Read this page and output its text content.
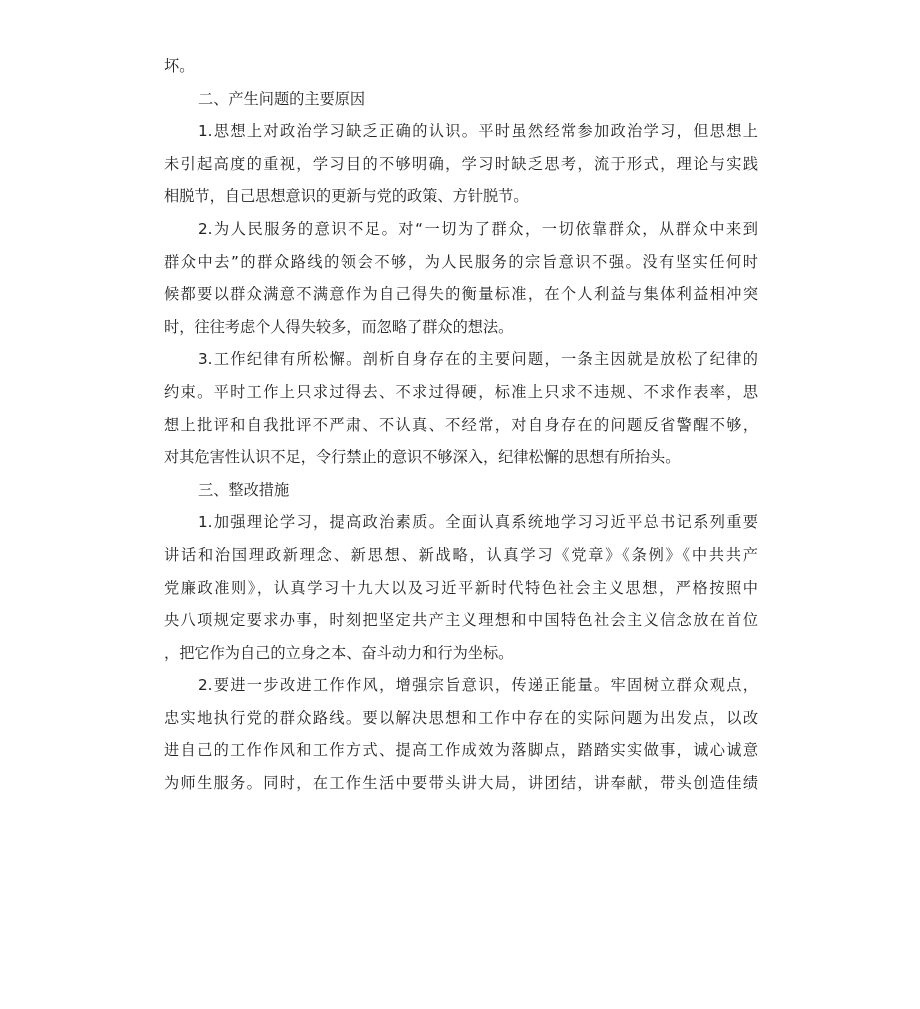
坏。
二、产生问题的主要原因
1.思想上对政治学习缺乏正确的认识。平时虽然经常参加政治学习，但思想上
未引起高度的重视，学习目的不够明确，学习时缺乏思考，流于形式，理论与实践
相脱节，自己思想意识的更新与党的政策、方针脱节。
2.为人民服务的意识不足。对“一切为了群众，一切依靠群众，从群众中来到
群众中去”的群众路线的领会不够，为人民服务的宗旨意识不强。没有坚实任何时
候都要以群众满意不满意作为自己得失的衡量标准，在个人利益与集体利益相冲突
时，往往考虑个人得失较多，而忽略了群众的想法。
3.工作纪律有所松懈。剖析自身存在的主要问题，一条主因就是放松了纪律的
约束。平时工作上只求过得去、不求过得硬，标准上只求不违规、不求作表率，思
想上批评和自我批评不严肃、不认真、不经常，对自身存在的问题反省警醒不够，
对其危害性认识不足，令行禁止的意识不够深入，纪律松懈的思想有所抬头。
三、整改措施
1.加强理论学习，提高政治素质。全面认真系统地学习习近平总书记系列重要
讲话和治国理政新理念、新思想、新战略，认真学习《党章》《条例》《中共共产
党廉政准则》，认真学习十九大以及习近平新时代特色社会主义思想，严格按照中
央八项规定要求办事，时刻把坚定共产主义理想和中国特色社会主义信念放在首位
，把它作为自己的立身之本、奋斗动力和行为坐标。
2.要进一步改进工作作风，增强宗旨意识，传递正能量。牢固树立群众观点，
忠实地执行党的群众路线。要以解决思想和工作中存在的实际问题为出发点，以改
进自己的工作作风和工作方式、提高工作成效为落脚点，踏踏实实做事，诚心诚意
为师生服务。同时，在工作生活中要带头讲大局，讲团结，讲奉献，带头创造佳绩
